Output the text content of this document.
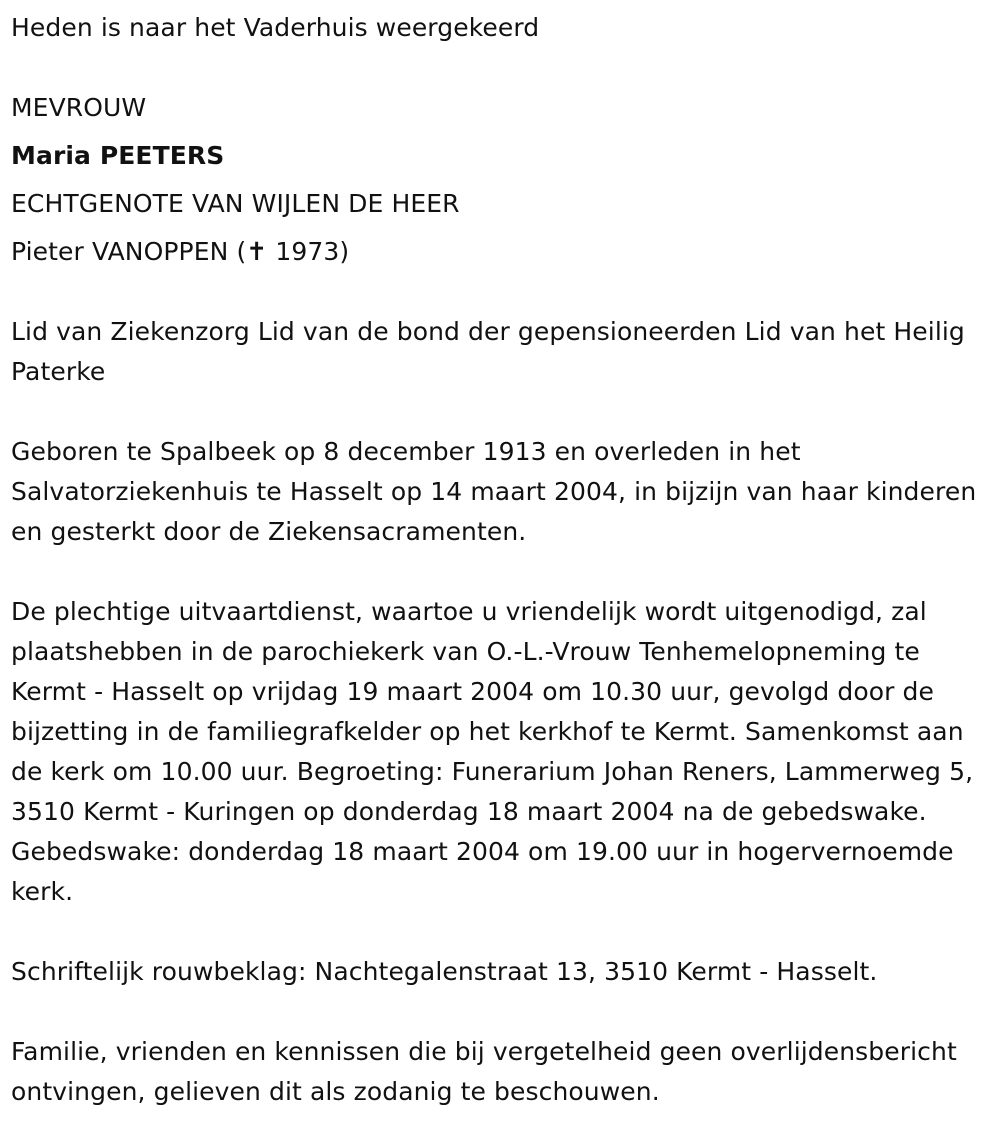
Heden is naar het Vaderhuis weergekeerd

MEVROUW

Maria PEETERS

ECHTGENOTE VAN WIJLEN DE HEER

Pieter VANOPPEN (✝ 1973)

Lid van Ziekenzorg Lid van de bond der gepensioneerden Lid van het Heilig Paterke

Geboren te Spalbeek op 8 december 1913 en overleden in het Salvatorziekenhuis te Hasselt op 14 maart 2004, in bijzijn van haar kinderen en gesterkt door de Ziekensacramenten.

De plechtige uitvaartdienst, waartoe u vriendelijk wordt uitgenodigd, zal plaatshebben in de parochiekerk van O.-L.-Vrouw Tenhemelopneming te Kermt - Hasselt op vrijdag 19 maart 2004 om 10.30 uur, gevolgd door de bijzetting in de familiegrafkelder op het kerkhof te Kermt. Samenkomst aan de kerk om 10.00 uur. Begroeting: Funerarium Johan Reners, Lammerweg 5, 3510 Kermt - Kuringen op donderdag 18 maart 2004 na de gebedswake. Gebedswake: donderdag 18 maart 2004 om 19.00 uur in hogervernoemde kerk.

Schriftelijk rouwbeklag: Nachtegalenstraat 13, 3510 Kermt - Hasselt.

Familie, vrienden en kennissen die bij vergetelheid geen overlijdensbericht ontvingen, gelieven dit als zodanig te beschouwen.
